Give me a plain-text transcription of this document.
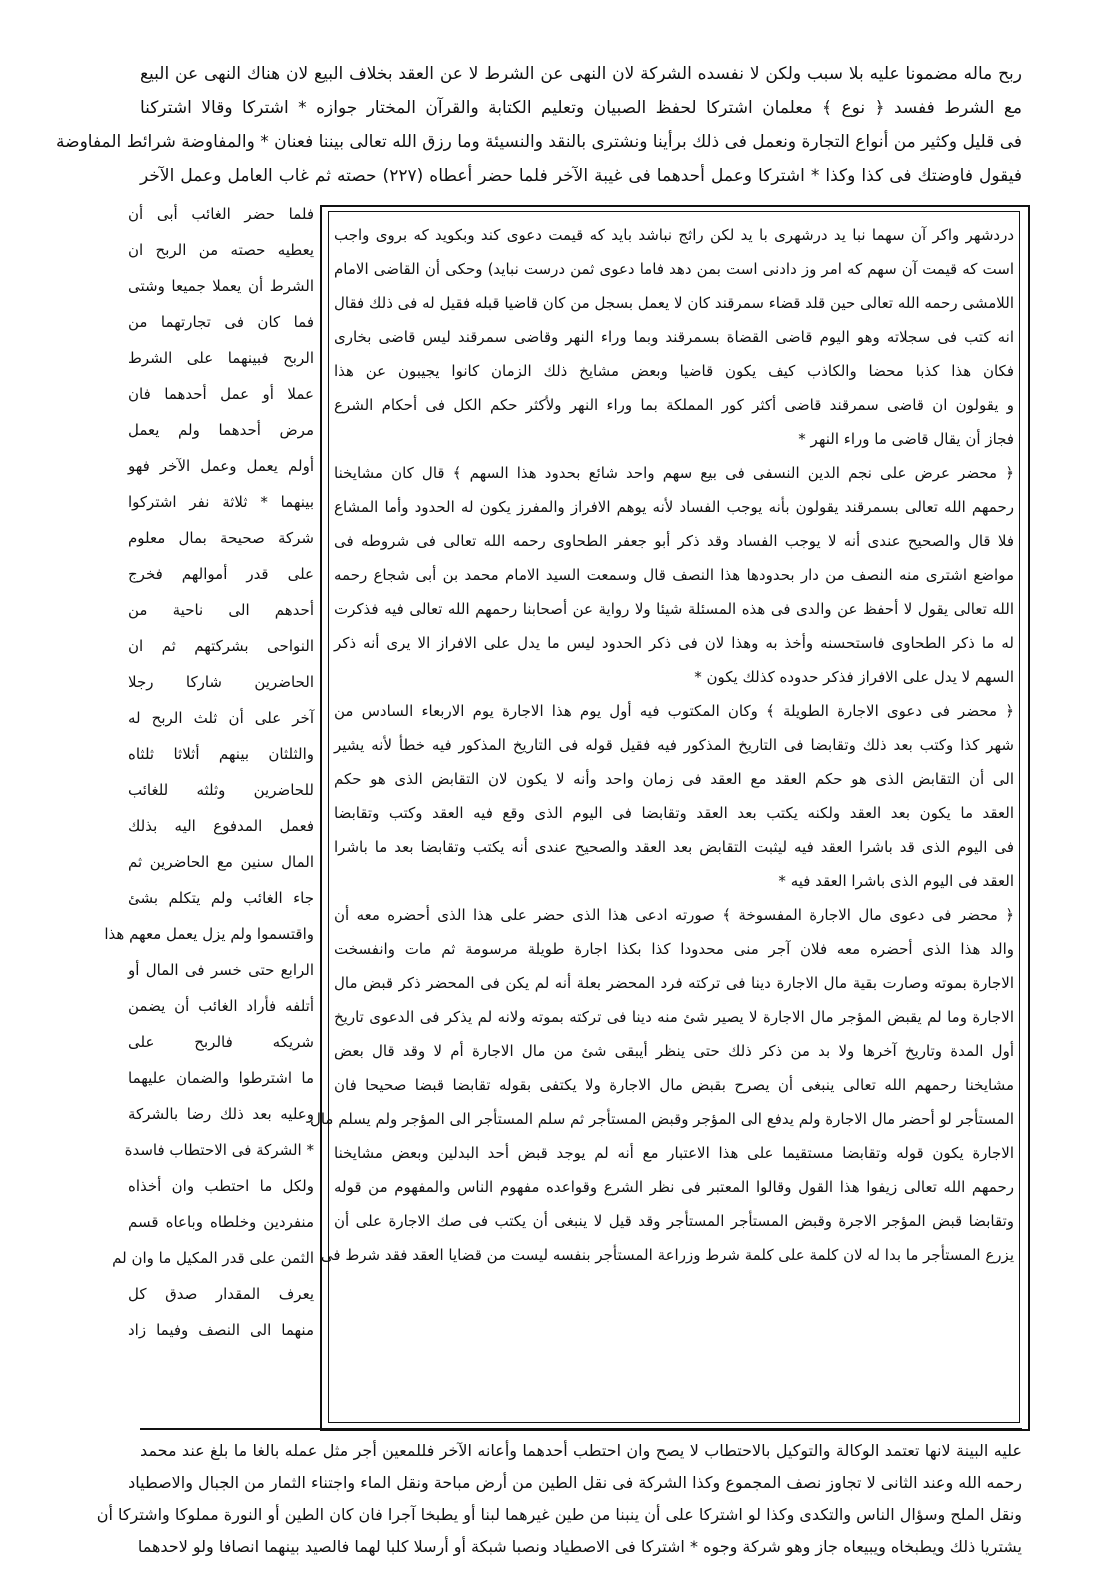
ربح ماله مضمونا عليه بلا سبب ولكن لا نفسده الشركة لان النهى عن الشرط لا عن العقد بخلاف البيع لان هناك النهى عن البيع
مع الشرط ففسد ﴿ نوع ﴾ معلمان اشتركا لحفظ الصبيان وتعليم الكتابة والقرآن المختار جوازه * اشتركا وقالا اشتركنا
فى قليل وكثير من أنواع التجارة ونعمل فى ذلك برأينا ونشترى بالنقد والنسيئة وما رزق الله تعالى بيننا فعنان * والمفاوضة شرائط المفاوضة
فيقول فاوضتك فى كذا وكذا * اشتركا وعمل أحدهما فى غيبة الآخر فلما حضر أعطاه (٢٢٧) حصته ثم غاب العامل وعمل الآخر
دردشهر واكر آن سهما نبا يد درشهرى با يد لكن راثج نباشد بايد كه قيمت دعوى كند وبكويد كه بروى واجب
است كه قيمت آن سهم كه امر وز دادنى است بمن دهد فاما دعوى ثمن درست نبايد) وحكى أن القاضى الامام
اللامشى رحمه الله تعالى حين قلد قضاء سمرقند كان لا يعمل بسجل من كان قاضيا قبله فقيل له فى ذلك فقال
انه كتب فى سجلاته وهو اليوم قاضى القضاة بسمرقند وبما وراء النهر وقاضى سمرقند ليس قاضى بخارى
فكان هذا كذبا محضا والكاذب كيف يكون قاضيا وبعض مشايخ ذلك الزمان كانوا يجيبون عن هذا
و يقولون ان قاضى سمرقند قاضى أكثر كور المملكة بما وراء النهر ولأكثر حكم الكل فى أحكام الشرع
فجاز أن يقال قاضى ما وراء النهر *
﴿ محضر عرض على نجم الدين النسفى فى بيع سهم واحد شائع بحدود هذا السهم ﴾ قال كان مشايخنا
رحمهم الله تعالى بسمرقند يقولون بأنه يوجب الفساد لأنه يوهم الافراز والمفرز يكون له الحدود وأما المشاع
فلا قال والصحيح عندى أنه لا يوجب الفساد وقد ذكر أبو جعفر الطحاوى رحمه الله تعالى فى شروطه فى
مواضع اشترى منه النصف من دار بحدودها هذا النصف قال وسمعت السيد الامام محمد بن أبى شجاع رحمه
الله تعالى يقول لا أحفظ عن والدى فى هذه المسئلة شيئا ولا رواية عن أصحابنا رحمهم الله تعالى فيه فذكرت
له ما ذكر الطحاوى فاستحسنه وأخذ به وهذا لان فى ذكر الحدود ليس ما يدل على الافراز الا يرى أنه ذكر
السهم لا يدل على الافراز فذكر حدوده كذلك يكون *
﴿ محضر فى دعوى الاجارة الطويلة ﴾ وكان المكتوب فيه أول يوم هذا الاجارة يوم الاربعاء السادس من
شهر كذا وكتب بعد ذلك وتقابضا فى التاريخ المذكور فيه فقيل قوله فى التاريخ المذكور فيه خطأ لأنه يشير
الى أن التقابض الذى هو حكم العقد مع العقد فى زمان واحد وأنه لا يكون لان التقابض الذى هو حكم
العقد ما يكون بعد العقد ولكنه يكتب بعد العقد وتقابضا فى اليوم الذى وقع فيه العقد وكتب وتقابضا
فى اليوم الذى قد باشرا العقد فيه ليثبت التقابض بعد العقد والصحيح عندى أنه يكتب وتقابضا بعد ما باشرا
العقد فى اليوم الذى باشرا العقد فيه *
﴿ محضر فى دعوى مال الاجارة المفسوخة ﴾ صورته ادعى هذا الذى حضر على هذا الذى أحضره معه أن
والد هذا الذى أحضره معه فلان آجر منى محدودا كذا بكذا اجارة طويلة مرسومة ثم مات وانفسخت
الاجارة بموته وصارت بقية مال الاجارة دينا فى تركته فرد المحضر بعلة أنه لم يكن فى المحضر ذكر قبض مال
الاجارة وما لم يقبض المؤجر مال الاجارة لا يصير شئ منه دينا فى تركته بموته ولانه لم يذكر فى الدعوى تاريخ
أول المدة وتاريخ آخرها ولا بد من ذكر ذلك حتى ينظر أيبقى شئ من مال الاجارة أم لا وقد قال بعض
مشايخنا رحمهم الله تعالى ينبغى أن يصرح بقبض مال الاجارة ولا يكتفى بقوله تقابضا قبضا صحيحا فان
المستأجر لو أحضر مال الاجارة ولم يدفع الى المؤجر وقبض المستأجر ثم سلم المستأجر الى المؤجر ولم يسلم مال
الاجارة يكون قوله وتقابضا مستقيما على هذا الاعتبار مع أنه لم يوجد قبض أحد البدلين وبعض مشايخنا
رحمهم الله تعالى زيفوا هذا القول وقالوا المعتبر فى نظر الشرع وقواعده مفهوم الناس والمفهوم من قوله
وتقابضا قبض المؤجر الاجرة وقبض المستأجر المستأجر وقد قيل لا ينبغى أن يكتب فى صك الاجارة على أن
يزرع المستأجر ما بدا له لان كلمة على كلمة شرط وزراعة المستأجر بنفسه ليست من قضايا العقد فقد شرط فى
فلما حضر الغائب أبى أن
يعطيه حصته من الربح ان
الشرط أن يعملا جميعا وشتى
فما كان فى تجارتهما من
الربح فبينهما على الشرط
عملا أو عمل أحدهما فان
مرض أحدهما ولم يعمل
أولم يعمل وعمل الآخر فهو
بينهما * ثلاثة نفر اشتركوا
شركة صحيحة بمال معلوم
على قدر أموالهم فخرج
أحدهم الى ناحية من
النواحى بشركتهم ثم ان
الحاضرين شاركا رجلا
آخر على أن ثلث الربح له
والثلثان بينهم أثلاثا ثلثاه
للحاضرين وثلثه للغائب
فعمل المدفوع اليه بذلك
المال سنين مع الحاضرين ثم
جاء الغائب ولم يتكلم بشئ
واقتسموا ولم يزل يعمل معهم هذا
الرابع حتى خسر فى المال أو
أتلفه فأراد الغائب أن يضمن
شريكه فالربح على
ما اشترطوا والضمان عليهما
وعليه بعد ذلك رضا بالشركة
* الشركة فى الاحتطاب فاسدة
ولكل ما احتطب وان أخذاه
منفردين وخلطاه وباعاه قسم
الثمن على قدر المكيل ما وان لم
يعرف المقدار صدق كل
منهما الى النصف وفيما زاد
عليه البينة لانها تعتمد الوكالة والتوكيل بالاحتطاب لا يصح وان احتطب أحدهما وأعانه الآخر فللمعين أجر مثل عمله بالغا ما بلغ عند محمد
رحمه الله وعند الثانى لا تجاوز نصف المجموع وكذا الشركة فى نقل الطين من أرض مباحة ونقل الماء واجتناء الثمار من الجبال والاصطياد
ونقل الملح وسؤال الناس والتكدى وكذا لو اشتركا على أن ينبنا من طين غيرهما لبنا أو يطبخا آجرا فان كان الطين أو النورة مملوكا واشتركا أن
يشتريا ذلك ويطبخاه ويبيعاه جاز وهو شركة وجوه * اشتركا فى الاصطياد ونصبا شبكة أو أرسلا كلبا لهما فالصيد بينهما انصافا ولو لاحدهما
